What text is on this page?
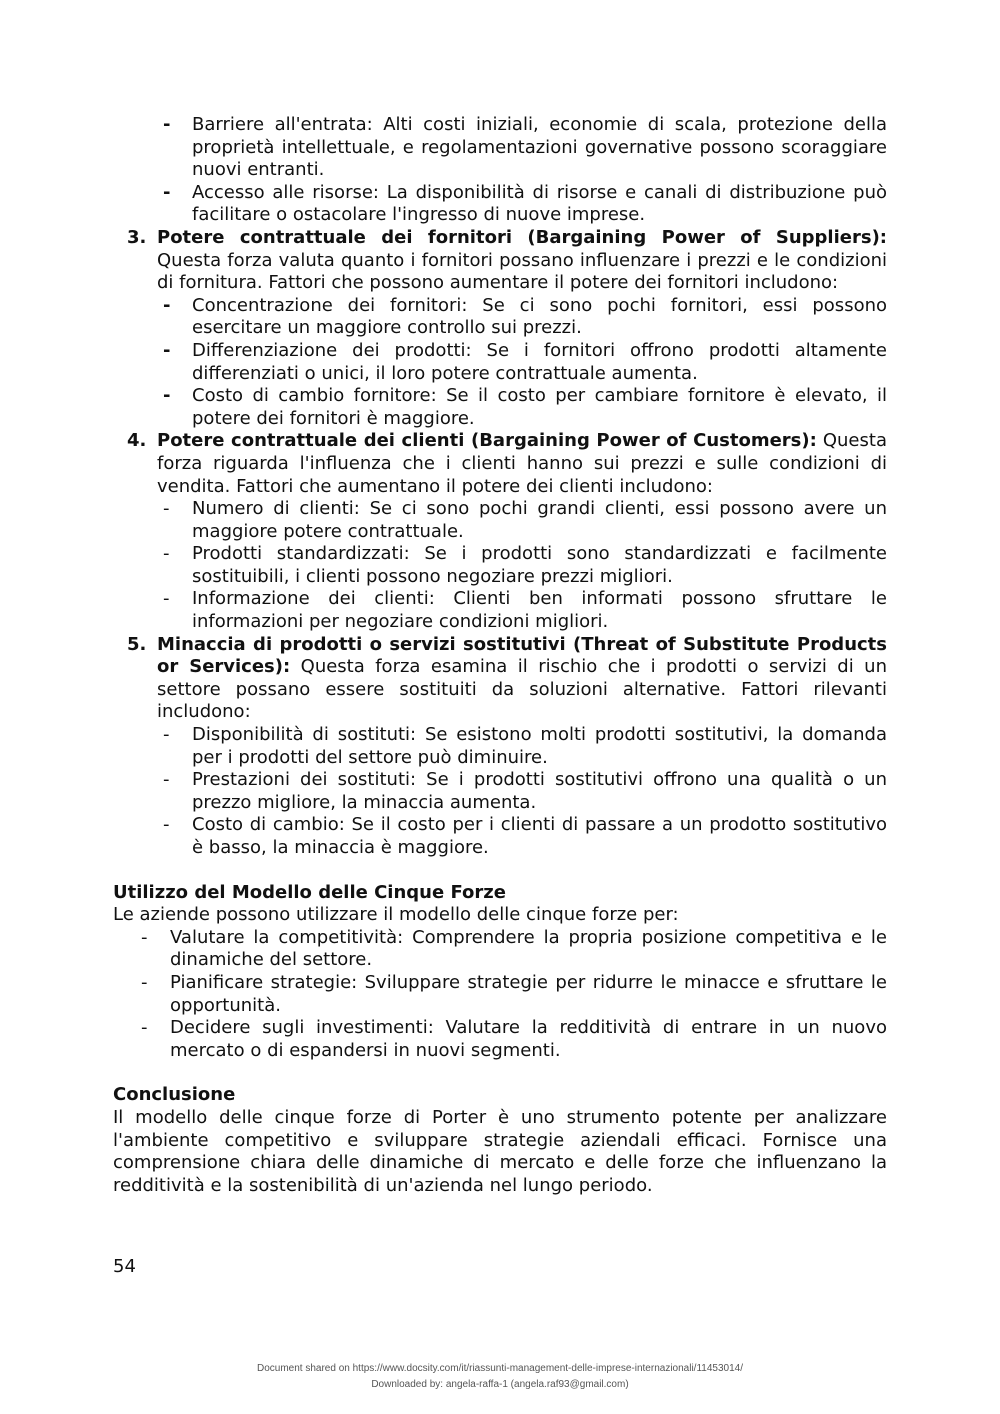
- Barriere all'entrata: Alti costi iniziali, economie di scala, protezione della proprietà intellettuale, e regolamentazioni governative possono scoraggiare nuovi entranti.
- Accesso alle risorse: La disponibilità di risorse e canali di distribuzione può facilitare o ostacolare l'ingresso di nuove imprese.
3. Potere contrattuale dei fornitori (Bargaining Power of Suppliers): Questa forza valuta quanto i fornitori possano influenzare i prezzi e le condizioni di fornitura. Fattori che possono aumentare il potere dei fornitori includono:
- Concentrazione dei fornitori: Se ci sono pochi fornitori, essi possono esercitare un maggiore controllo sui prezzi.
- Differenziazione dei prodotti: Se i fornitori offrono prodotti altamente differenziati o unici, il loro potere contrattuale aumenta.
- Costo di cambio fornitore: Se il costo per cambiare fornitore è elevato, il potere dei fornitori è maggiore.
4. Potere contrattuale dei clienti (Bargaining Power of Customers): Questa forza riguarda l'influenza che i clienti hanno sui prezzi e sulle condizioni di vendita. Fattori che aumentano il potere dei clienti includono:
- Numero di clienti: Se ci sono pochi grandi clienti, essi possono avere un maggiore potere contrattuale.
- Prodotti standardizzati: Se i prodotti sono standardizzati e facilmente sostituibili, i clienti possono negoziare prezzi migliori.
- Informazione dei clienti: Clienti ben informati possono sfruttare le informazioni per negoziare condizioni migliori.
5. Minaccia di prodotti o servizi sostitutivi (Threat of Substitute Products or Services): Questa forza esamina il rischio che i prodotti o servizi di un settore possano essere sostituiti da soluzioni alternative. Fattori rilevanti includono:
- Disponibilità di sostituti: Se esistono molti prodotti sostitutivi, la domanda per i prodotti del settore può diminuire.
- Prestazioni dei sostituti: Se i prodotti sostitutivi offrono una qualità o un prezzo migliore, la minaccia aumenta.
- Costo di cambio: Se il costo per i clienti di passare a un prodotto sostitutivo è basso, la minaccia è maggiore.

Utilizzo del Modello delle Cinque Forze

Le aziende possono utilizzare il modello delle cinque forze per:

- Valutare la competitività: Comprendere la propria posizione competitiva e le dinamiche del settore.
- Pianificare strategie: Sviluppare strategie per ridurre le minacce e sfruttare le opportunità.
- Decidere sugli investimenti: Valutare la redditività di entrare in un nuovo mercato o di espandersi in nuovi segmenti.

Conclusione

Il modello delle cinque forze di Porter è uno strumento potente per analizzare l'ambiente competitivo e sviluppare strategie aziendali efficaci. Fornisce una comprensione chiara delle dinamiche di mercato e delle forze che influenzano la redditività e la sostenibilità di un'azienda nel lungo periodo.

54
Document shared on https://www.docsity.com/it/riassunti-management-delle-imprese-internazionali/11453014/
Downloaded by: angela-raffa-1 (angela.raf93@gmail.com)
